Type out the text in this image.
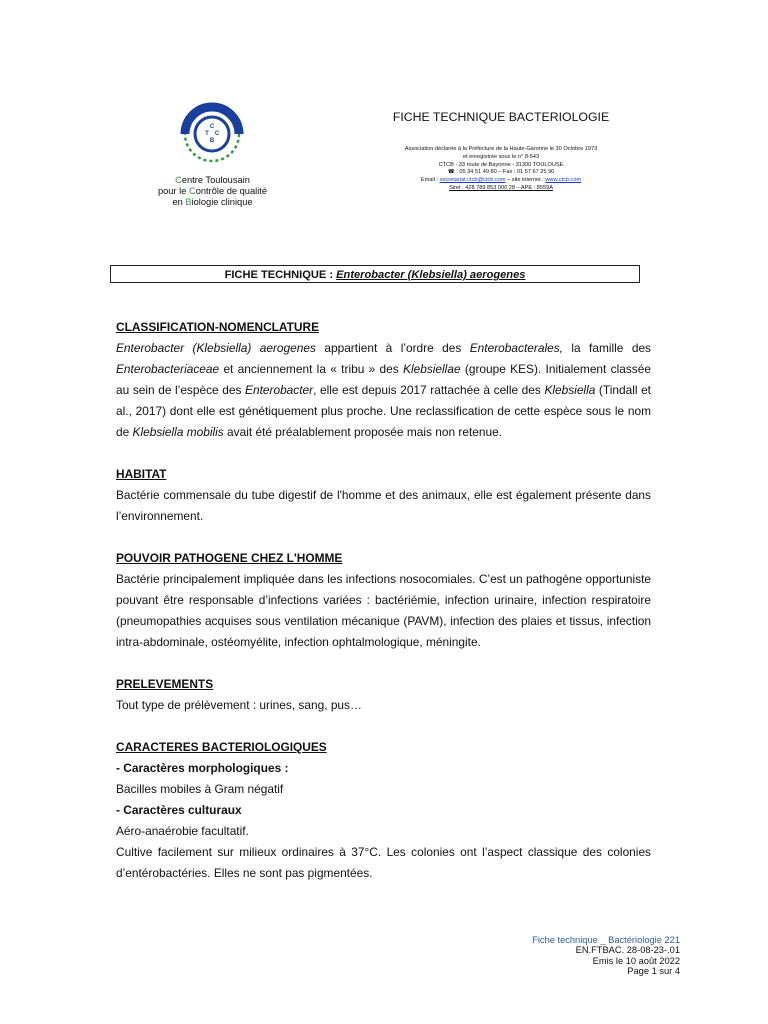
C
T C
B
Centre Toulousain
pour le Contrôle de qualité
en Biologie clinique
FICHE TECHNIQUE BACTERIOLOGIE
Association déclarée à la Préfecture de la Haute-Garonne le 30 Octobre 1973
et enregistrée sous le n° 8-543
CTCB - 33 route de Bayonne - 31300 TOULOUSE
☎ : 05 34 51 49 80 – Fax : 01 57 67 25 90
Email : secretariat.ctcb@ctcb.com – site internet : www.ctcb.com
Siret : 428 789 853 000 28 – APE : 8559A
FICHE TECHNIQUE : Enterobacter (Klebsiella) aerogenes
CLASSIFICATION-NOMENCLATURE

Enterobacter (Klebsiella) aerogenes appartient à l’ordre des Enterobacterales, la famille des Enterobacteriaceae et anciennement la « tribu » des Klebsiellae (groupe KES). Initialement classée au sein de l’espèce des Enterobacter, elle est depuis 2017 rattachée à celle des Klebsiella (Tindall et al., 2017) dont elle est génétiquement plus proche. Une reclassification de cette espèce sous le nom de Klebsiella mobilis avait été préalablement proposée mais non retenue.

HABITAT

Bactérie commensale du tube digestif de l'homme et des animaux, elle est également présente dans l’environnement.

POUVOIR PATHOGENE CHEZ L'HOMME

Bactérie principalement impliquée dans les infections nosocomiales. C’est un pathogène opportuniste pouvant être responsable d’infections variées : bactériémie, infection urinaire, infection respiratoire (pneumopathies acquises sous ventilation mécanique (PAVM), infection des plaies et tissus, infection intra-abdominale, ostéomyélite, infection ophtalmologique, méningite.

PRELEVEMENTS

Tout type de prélèvement : urines, sang, pus…

CARACTERES BACTERIOLOGIQUES

- Caractères morphologiques :

Bacilles mobiles à Gram négatif

- Caractères culturaux

Aéro-anaérobie facultatif.

Cultive facilement sur milieux ordinaires à 37°C. Les colonies ont l’aspect classique des colonies d’entérobactéries. Elles ne sont pas pigmentées.

Fiche technique _ Bactériologie 221
EN.FTBAC. 28-08-23-.01
Emis le 10 août 2022
Page 1 sur 4
